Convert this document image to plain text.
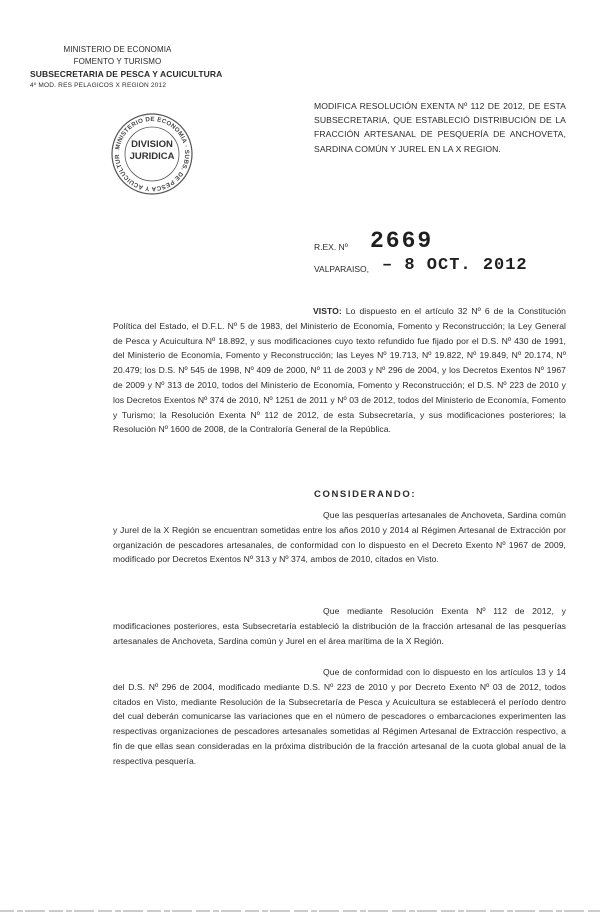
MINISTERIO DE ECONOMIA
FOMENTO Y TURISMO
SUBSECRETARIA DE PESCA Y ACUICULTURA
4º MOD. RES PELAGICOS X REGION 2012
MINISTERIO DE ECONOMIA · SUBS. DE PESCA Y ACUICULTUR
DIVISION
JURIDICA
MODIFICA RESOLUCIÓN EXENTA Nº 112 DE 2012, DE ESTA SUBSECRETARIA, QUE ESTABLECIÓ DISTRIBUCIÓN DE LA FRACCIÓN ARTESANAL DE PESQUERÍA DE ANCHOVETA, SARDINA COMÚN Y JUREL EN LA X REGION.
R.EX. Nº 2669
VALPARAISO, – 8 OCT. 2012
VISTO: Lo dispuesto en el artículo 32 Nº 6 de la Constitución Política del Estado, el D.F.L. Nº 5 de 1983, del Ministerio de Economía, Fomento y Reconstrucción; la Ley General de Pesca y Acuicultura Nº 18.892, y sus modificaciones cuyo texto refundido fue fijado por el D.S. Nº 430 de 1991, del Ministerio de Economía, Fomento y Reconstrucción; las Leyes Nº 19.713, Nº 19.822, Nº 19.849, Nº 20.174, Nº 20.479; los D.S. Nº 545 de 1998, Nº 409 de 2000, Nº 11 de 2003 y Nº 296 de 2004, y los Decretos Exentos Nº 1967 de 2009 y Nº 313 de 2010, todos del Ministerio de Economía, Fomento y Reconstrucción; el D.S. Nº 223 de 2010 y los Decretos Exentos Nº 374 de 2010, Nº 1251 de 2011 y Nº 03 de 2012, todos del Ministerio de Economía, Fomento y Turismo; la Resolución Exenta Nº 112 de 2012, de esta Subsecretaría, y sus modificaciones posteriores; la Resolución Nº 1600 de 2008, de la Contraloría General de la República.
CONSIDERANDO:
Que las pesquerías artesanales de Anchoveta, Sardina común y Jurel de la X Región se encuentran sometidas entre los años 2010 y 2014 al Régimen Artesanal de Extracción por organización de pescadores artesanales, de conformidad con lo dispuesto en el Decreto Exento Nº 1967 de 2009, modificado por Decretos Exentos Nº 313 y Nº 374, ambos de 2010, citados en Visto.
Que mediante Resolución Exenta Nº 112 de 2012, y modificaciones posteriores, esta Subsecretaría estableció la distribución de la fracción artesanal de las pesquerías artesanales de Anchoveta, Sardina común y Jurel en el área marítima de la X Región.
Que de conformidad con lo dispuesto en los artículos 13 y 14 del D.S. Nº 296 de 2004, modificado mediante D.S. Nº 223 de 2010 y por Decreto Exento Nº 03 de 2012, todos citados en Visto, mediante Resolución de la Subsecretaría de Pesca y Acuicultura se establecerá el período dentro del cual deberán comunicarse las variaciones que en el número de pescadores o embarcaciones experimenten las respectivas organizaciones de pescadores artesanales sometidas al Régimen Artesanal de Extracción respectivo, a fin de que ellas sean consideradas en la próxima distribución de la fracción artesanal de la cuota global anual de la respectiva pesquería.
